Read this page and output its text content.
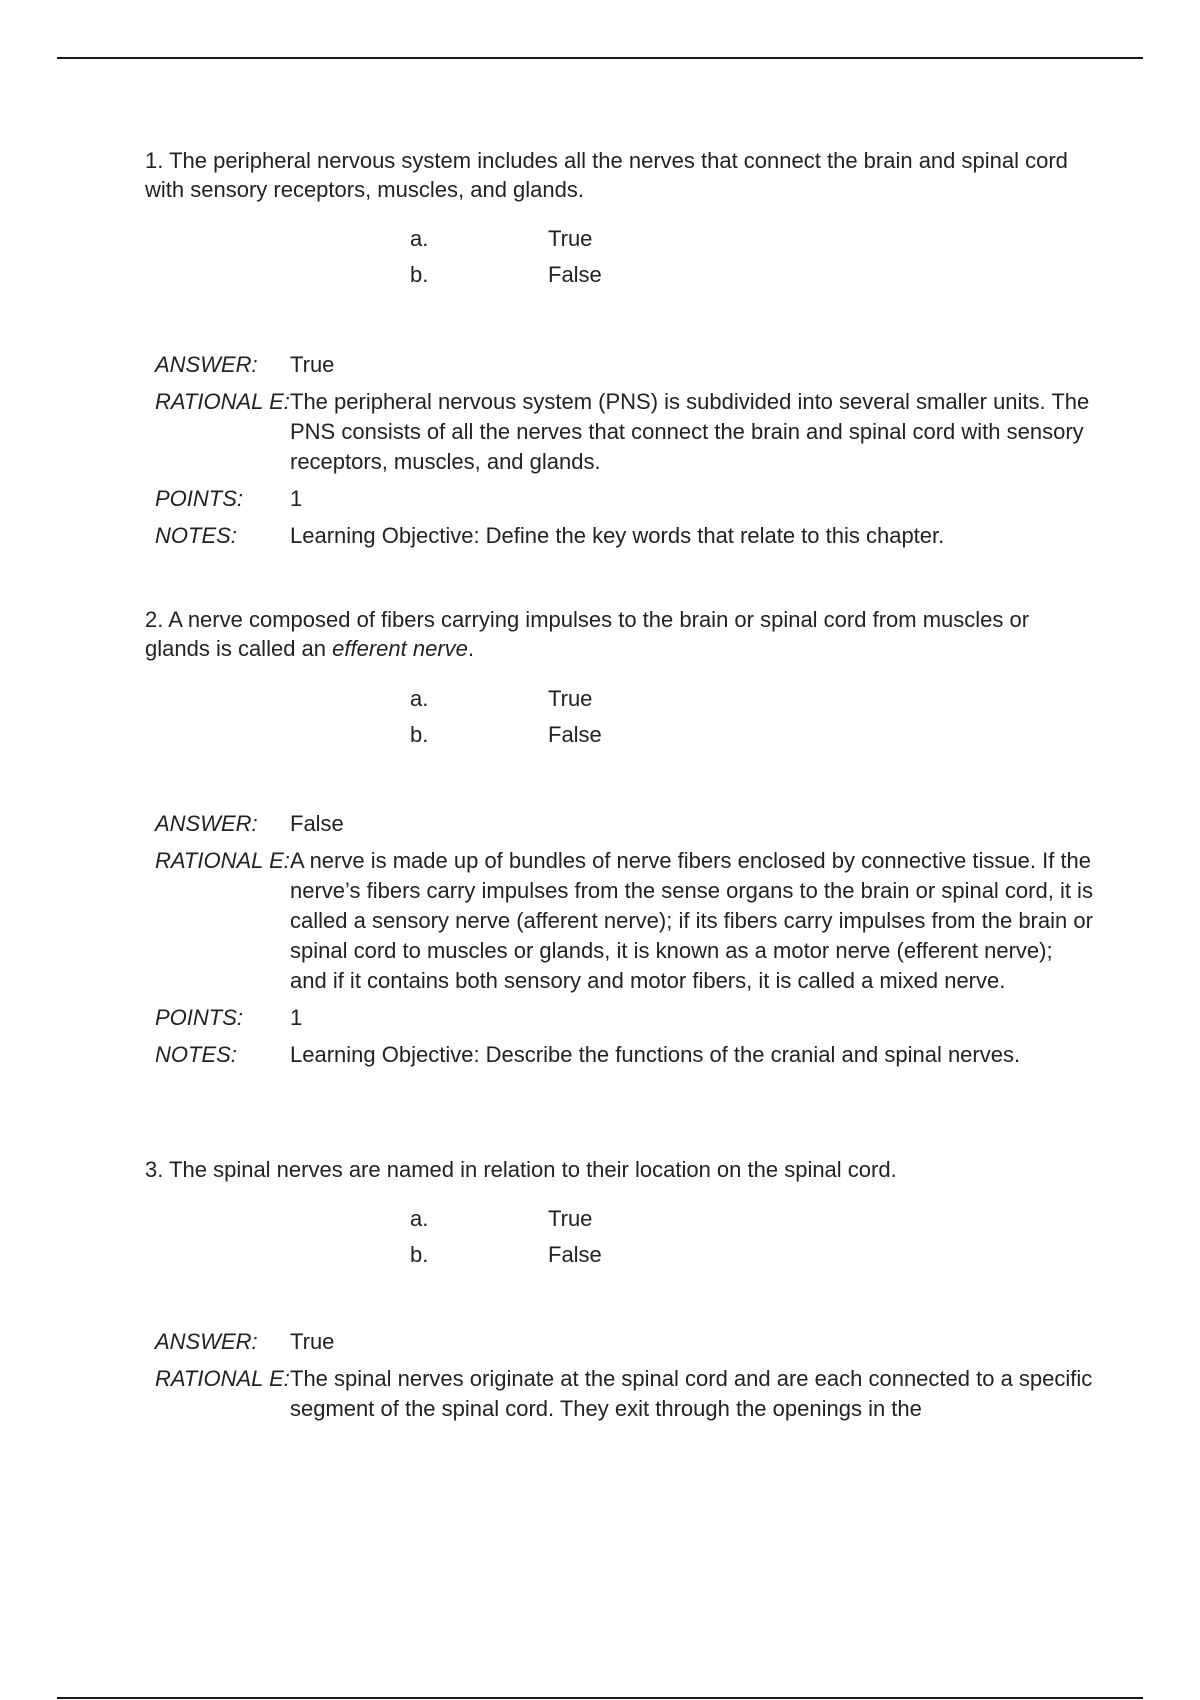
1. The peripheral nervous system includes all the nerves that connect the brain and spinal cord with sensory receptors, muscles, and glands.

a.	True
b.	False
ANSWER:	True
RATIONAL E: The peripheral nervous system (PNS) is subdivided into several smaller units. The PNS consists of all the nerves that connect the brain and spinal cord with sensory receptors, muscles, and glands.
POINTS:	1
NOTES:	Learning Objective: Define the key words that relate to this chapter.

2. A nerve composed of fibers carrying impulses to the brain or spinal cord from muscles or glands is called an efferent nerve.

a.	True
b.	False
ANSWER:	False
RATIONAL E: A nerve is made up of bundles of nerve fibers enclosed by connective tissue. If the nerve’s fibers carry impulses from the sense organs to the brain or spinal cord, it is called a sensory nerve (afferent nerve); if its fibers carry impulses from the brain or spinal cord to muscles or glands, it is known as a motor nerve (efferent nerve); and if it contains both sensory and motor fibers, it is called a mixed nerve.
POINTS:	1
NOTES:	Learning Objective: Describe the functions of the cranial and spinal nerves.

3. The spinal nerves are named in relation to their location on the spinal cord.

a.	True
b.	False
ANSWER:	True
RATIONAL E: The spinal nerves originate at the spinal cord and are each connected to a specific segment of the spinal cord. They exit through the openings in the
